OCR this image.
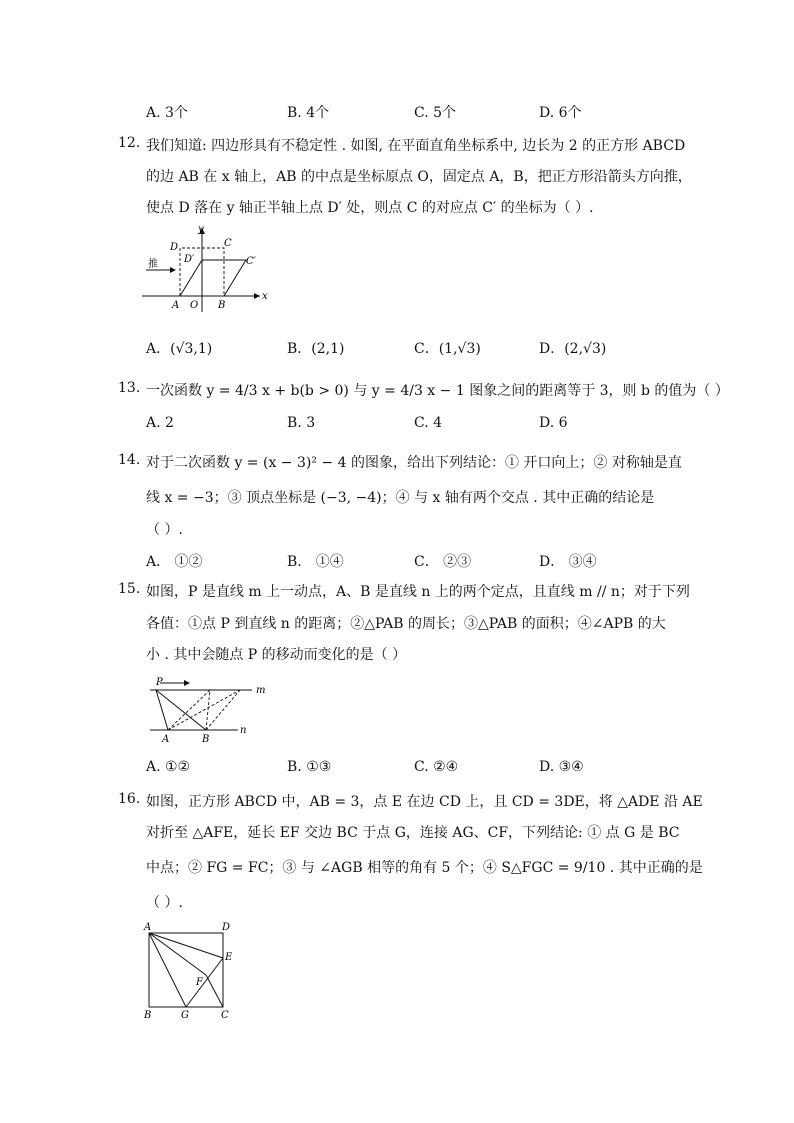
A. 3个	B. 4个	C. 5个	D. 6个
12. 我们知道: 四边形具有不稳定性 . 如图, 在平面直角坐标系中, 边长为 2 的正方形 ABCD
的边 AB 在 x 轴上，AB 的中点是坐标原点 O，固定点 A，B，把正方形沿箭头方向推，
使点 D 落在 y 轴正半轴上点 D′ 处，则点 C 的对应点 C′ 的坐标为（ ）.
y
x
D	C
D′	C′
推
A O B
A．(√3,1)	B．(2,1)	C．(1,√3)	D．(2,√3)
13. 一次函数 y = 4/3 x + b(b > 0) 与 y = 4/3 x − 1 图象之间的距离等于 3，则 b 的值为（ ）
A. 2	B. 3	C. 4	D. 6
14. 对于二次函数 y = (x − 3)² − 4 的图象，给出下列结论：① 开口向上；② 对称轴是直
线 x = −3；③ 顶点坐标是 (−3, −4)；④ 与 x 轴有两个交点 . 其中正确的结论是
（ ）.
A． ①②	B． ①④	C． ②③	D． ③④
15. 如图，P 是直线 m 上一动点，A、B 是直线 n 上的两个定点，且直线 m // n；对于下列
各值：①点 P 到直线 n 的距离；②△PAB 的周长；③△PAB 的面积；④∠APB 的大
小 . 其中会随点 P 的移动而变化的是（ ）
P
m
n
A	B
A. ①②	B. ①③	C. ②④	D. ③④
16. 如图，正方形 ABCD 中，AB = 3，点 E 在边 CD 上，且 CD = 3DE，将 △ADE 沿 AE
对折至 △AFE，延长 EF 交边 BC 于点 G，连接 AG、CF，下列结论: ① 点 G 是 BC
中点；② FG = FC；③ 与 ∠AGB 相等的角有 5 个；④ S△FGC = 9/10 . 其中正确的是
（ ）.
A	D
E
F
B	G	C
